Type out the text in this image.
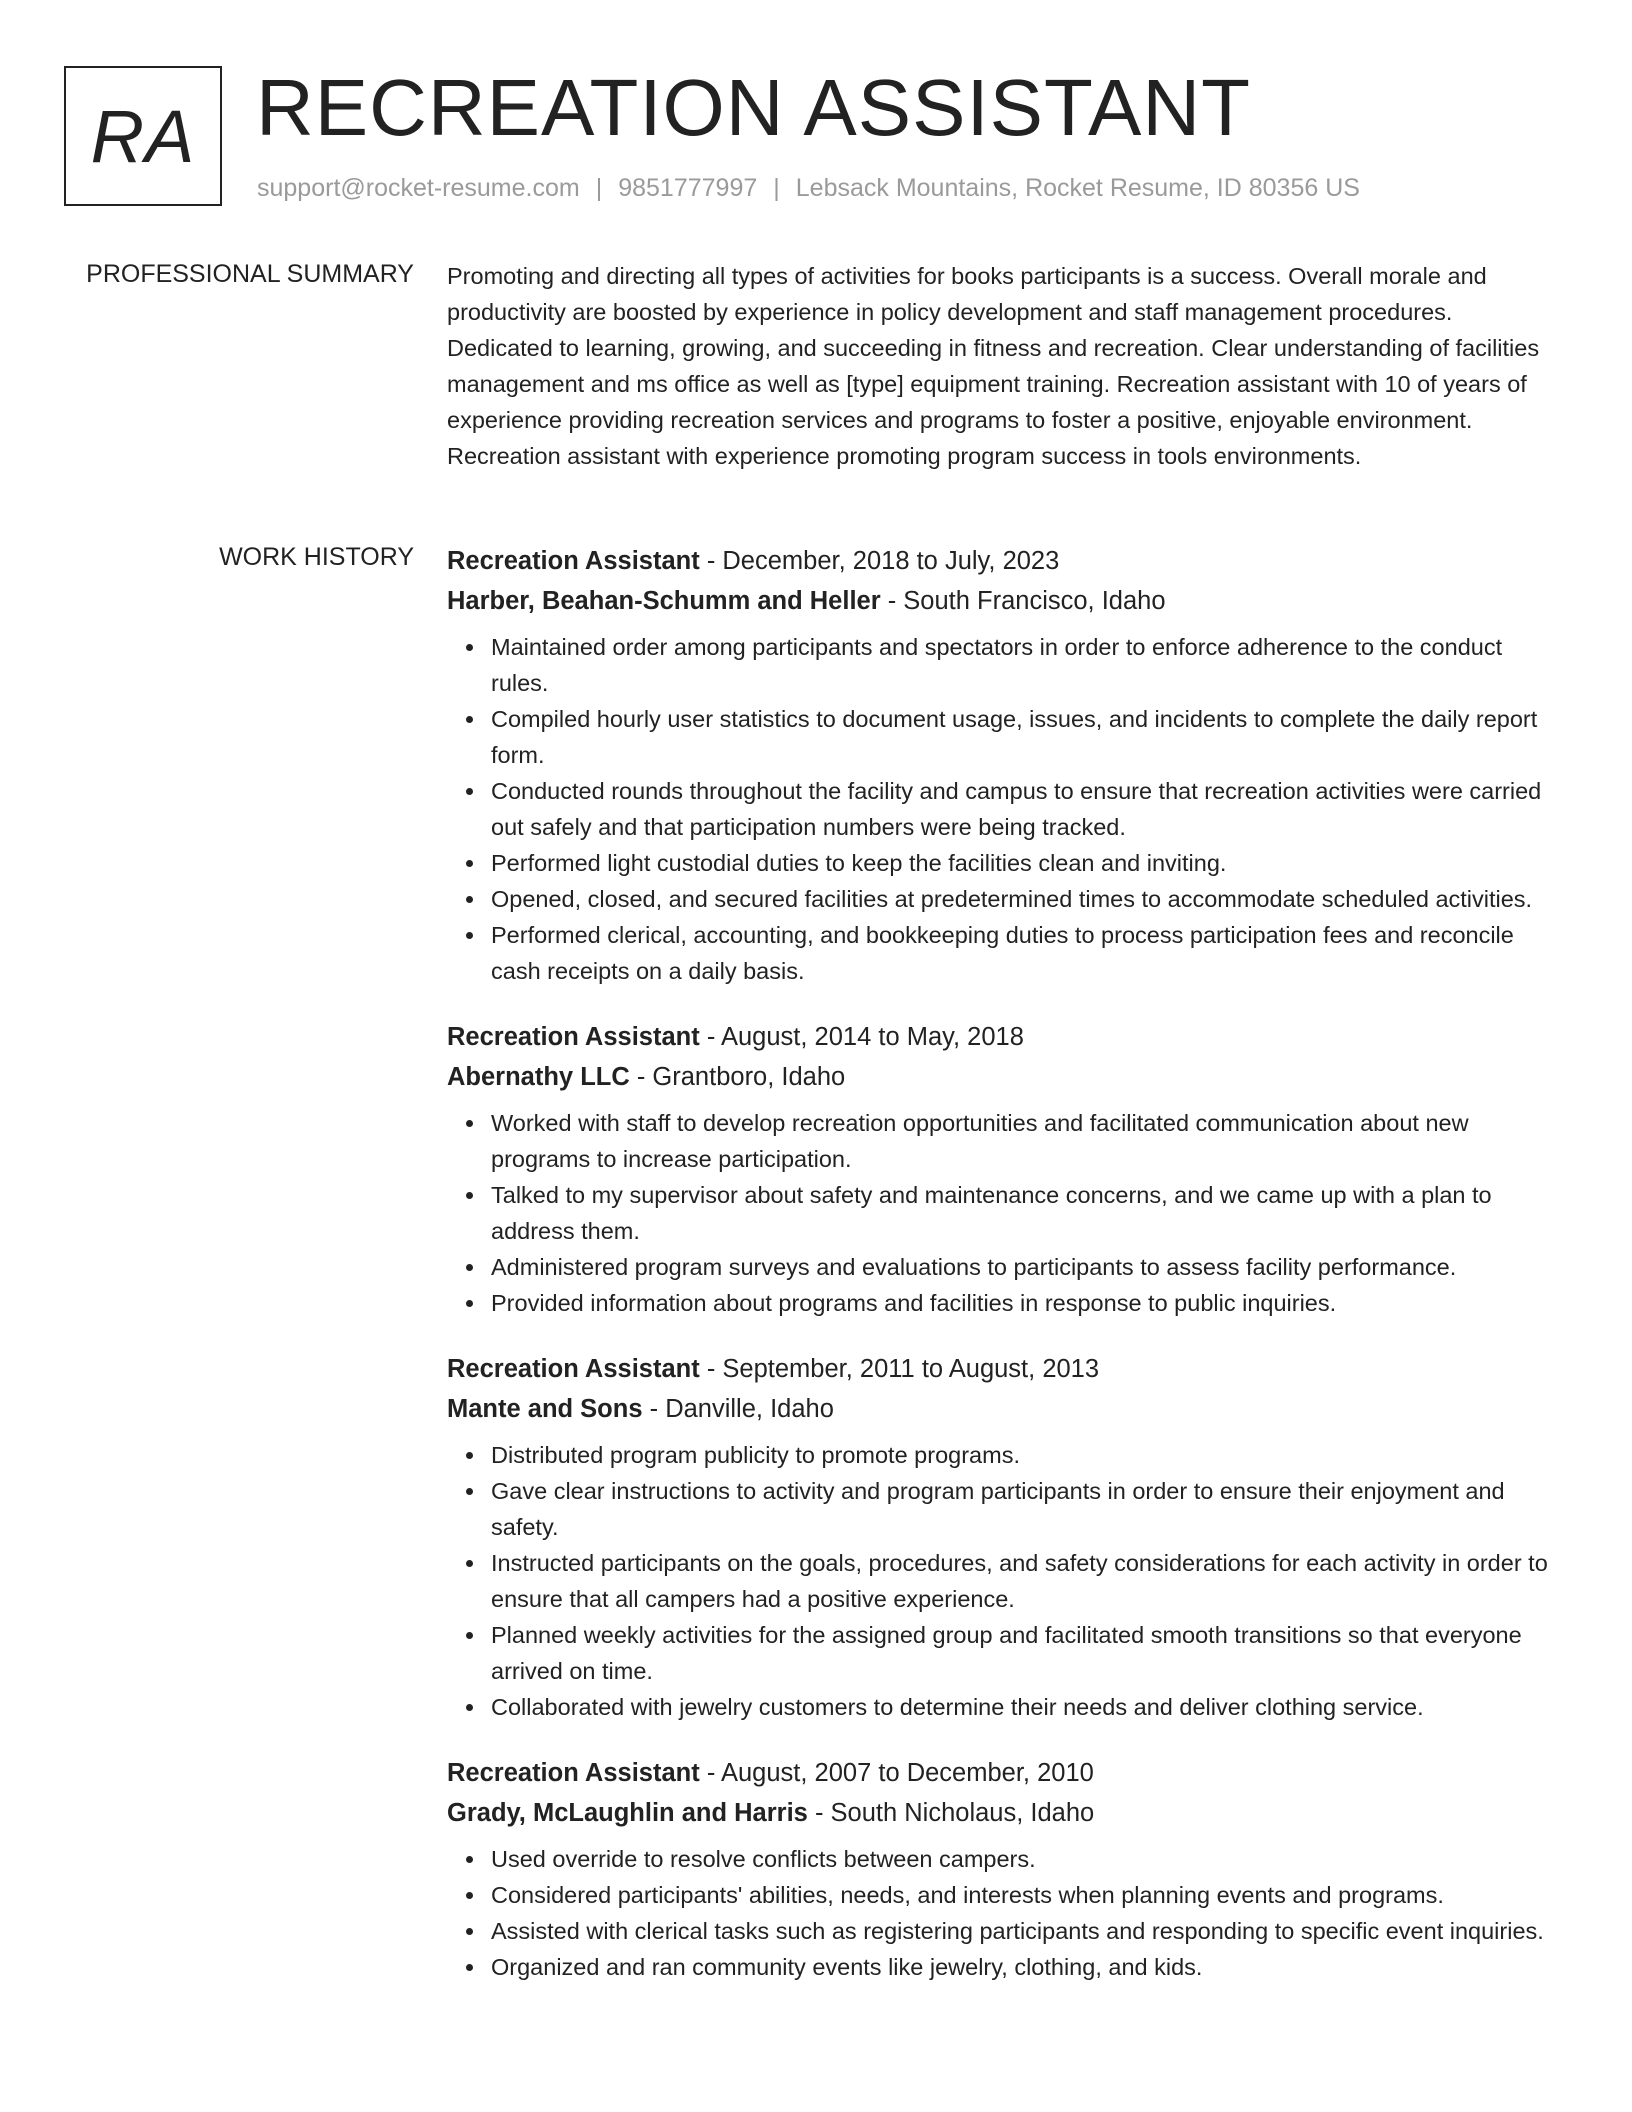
RA RECREATION ASSISTANT
support@rocket-resume.com | 9851777997 | Lebsack Mountains, Rocket Resume, ID 80356 US
PROFESSIONAL SUMMARY Promoting and directing all types of activities for books participants is a success. Overall morale and productivity are boosted by experience in policy development and staff management procedures. Dedicated to learning, growing, and succeeding in fitness and recreation. Clear understanding of facilities management and ms office as well as [type] equipment training. Recreation assistant with 10 of years of experience providing recreation services and programs to foster a positive, enjoyable environment. Recreation assistant with experience promoting program success in tools environments.

WORK HISTORY Recreation Assistant - December, 2018 to July, 2023
Harber, Beahan-Schumm and Heller - South Francisco, Idaho
Maintained order among participants and spectators in order to enforce adherence to the conduct rules.
Compiled hourly user statistics to document usage, issues, and incidents to complete the daily report form.
Conducted rounds throughout the facility and campus to ensure that recreation activities were carried out safely and that participation numbers were being tracked.
Performed light custodial duties to keep the facilities clean and inviting.
Opened, closed, and secured facilities at predetermined times to accommodate scheduled activities.
Performed clerical, accounting, and bookkeeping duties to process participation fees and reconcile cash receipts on a daily basis.
Recreation Assistant - August, 2014 to May, 2018
Abernathy LLC - Grantboro, Idaho
Worked with staff to develop recreation opportunities and facilitated communication about new programs to increase participation.
Talked to my supervisor about safety and maintenance concerns, and we came up with a plan to address them.
Administered program surveys and evaluations to participants to assess facility performance.
Provided information about programs and facilities in response to public inquiries.
Recreation Assistant - September, 2011 to August, 2013
Mante and Sons - Danville, Idaho
Distributed program publicity to promote programs.
Gave clear instructions to activity and program participants in order to ensure their enjoyment and safety.
Instructed participants on the goals, procedures, and safety considerations for each activity in order to ensure that all campers had a positive experience.
Planned weekly activities for the assigned group and facilitated smooth transitions so that everyone arrived on time.
Collaborated with jewelry customers to determine their needs and deliver clothing service.
Recreation Assistant - August, 2007 to December, 2010
Grady, McLaughlin and Harris - South Nicholaus, Idaho
Used override to resolve conflicts between campers.
Considered participants' abilities, needs, and interests when planning events and programs.
Assisted with clerical tasks such as registering participants and responding to specific event inquiries.
Organized and ran community events like jewelry, clothing, and kids.
